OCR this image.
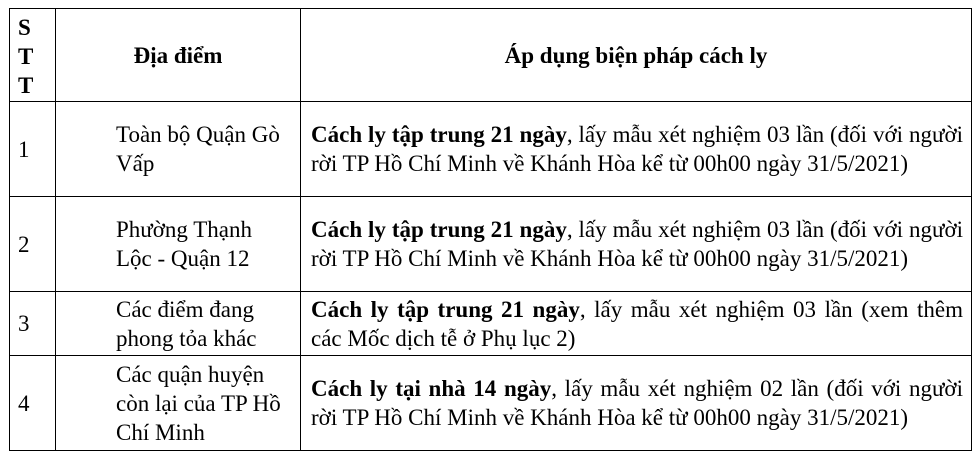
S
T
T	Địa điểm	Áp dụng biện pháp cách ly
1	Toàn bộ Quận Gò Vấp	Cách ly tập trung 21 ngày, lấy mẫu xét nghiệm 03 lần (đối với người rời TP Hồ Chí Minh về Khánh Hòa kể từ 00h00 ngày 31/5/2021)
2	Phường Thạnh Lộc - Quận 12	Cách ly tập trung 21 ngày, lấy mẫu xét nghiệm 03 lần (đối với người rời TP Hồ Chí Minh về Khánh Hòa kể từ 00h00 ngày 31/5/2021)
3	Các điểm đang phong tỏa khác	Cách ly tập trung 21 ngày, lấy mẫu xét nghiệm 03 lần (xem thêm các Mốc dịch tễ ở Phụ lục 2)
4	Các quận huyện còn lại của TP Hồ Chí Minh	Cách ly tại nhà 14 ngày, lấy mẫu xét nghiệm 02 lần (đối với người rời TP Hồ Chí Minh về Khánh Hòa kể từ 00h00 ngày 31/5/2021)
